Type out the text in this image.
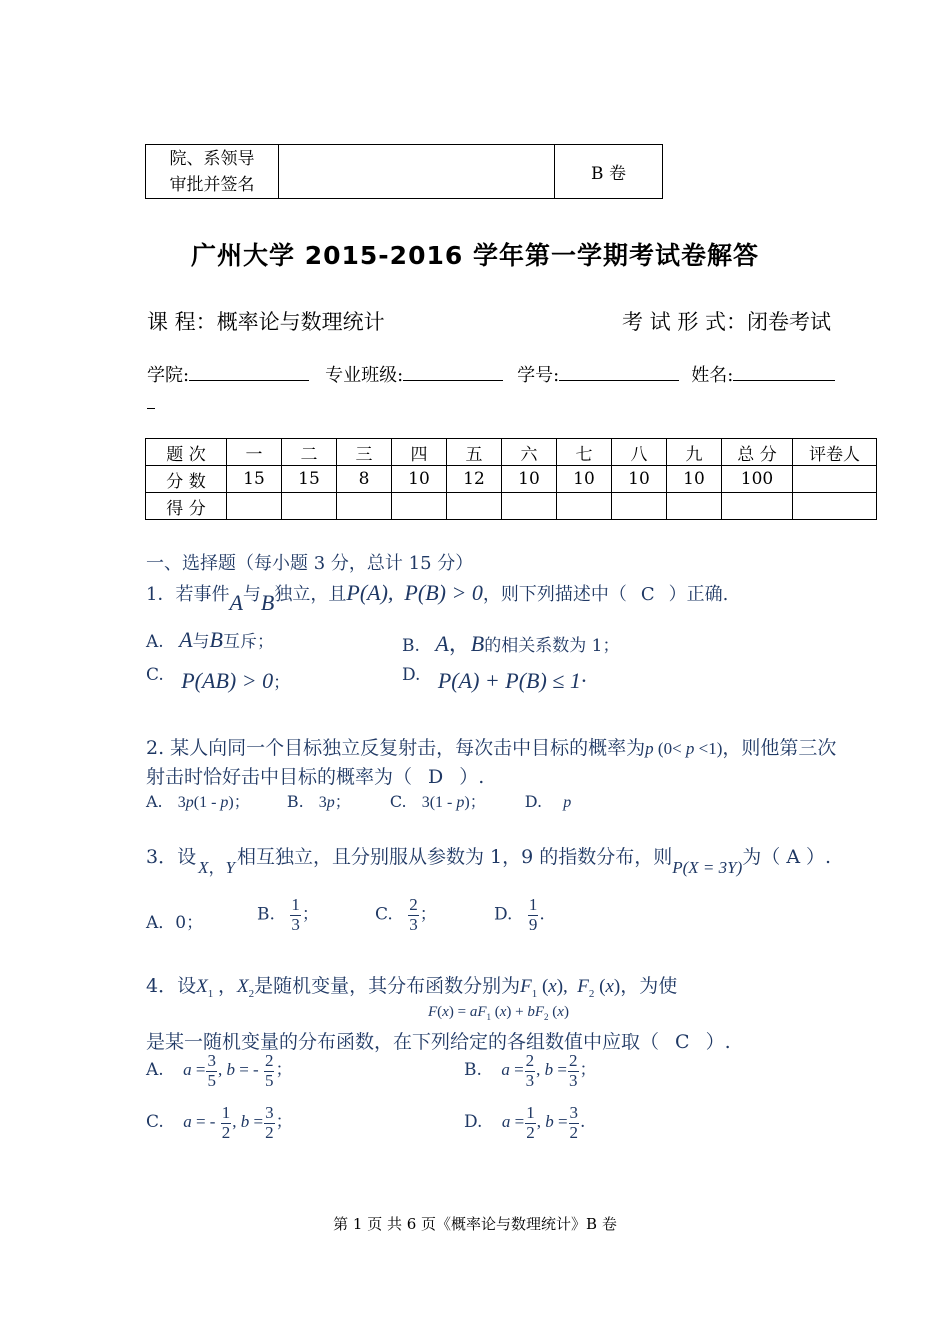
院、系领导
审批并签名
		B 卷
广州大学 2015-2016 学年第一学期考试卷解答
课 程：概率论与数理统计	考 试 形 式：闭卷考试
学院:	专业班级:	学号:	姓名:
题 次	一	二	三	四	五	六	七	八	九	总 分	评卷人
分 数	15	15	8	10	12	10	10	10	10	100	
得 分											
一、选择题（每小题 3 分，总计 15 分）
1．若事件A与B独立，且P(A),  P(B) > 0，则下列描述中（ C ）正确.
A. A与B互斥；	B. A，B的相关系数为 1；
C. P(AB) > 0；	D. P(A) + P(B) ≤ 1·
2. 某人向同一个目标独立反复射击，每次击中目标的概率为p (0< p <1)，则他第三次
射击时恰好击中目标的概率为（ D ）.
A. 3p(1 - p)； B. 3p； C. 3(1 - p)； D. p
3．设 X，Y 相互独立，且分别服从参数为 1，9 的指数分布，则P(X = 3Y)为（ A ）.
A．0；	B. $\frac{1}{3}$ ；	C. $\frac{2}{3}$ ；	D. $\frac{1}{9}$ .
4．设$X_1$ ，$X_2$是随机变量，其分布函数分别为$F_1$ (x),  $F_2$ (x)，为使
$F(x) = aF_1$ $(x) + bF_2$ (x)
是某一随机变量的分布函数，在下列给定的各组数值中应取（ C ）.
A. $a = \frac{3}{5}$ , b = - $\frac{2}{5}$ ；	B. $a = \frac{2}{3}$ , $b = \frac{2}{3}$ ；
C. a = - $\frac{1}{2}$ , $b = \frac{3}{2}$ ；	D. $a = \frac{1}{2}$ , $b = \frac{3}{2}$ .
第 1 页 共 6 页《概率论与数理统计》B 卷
